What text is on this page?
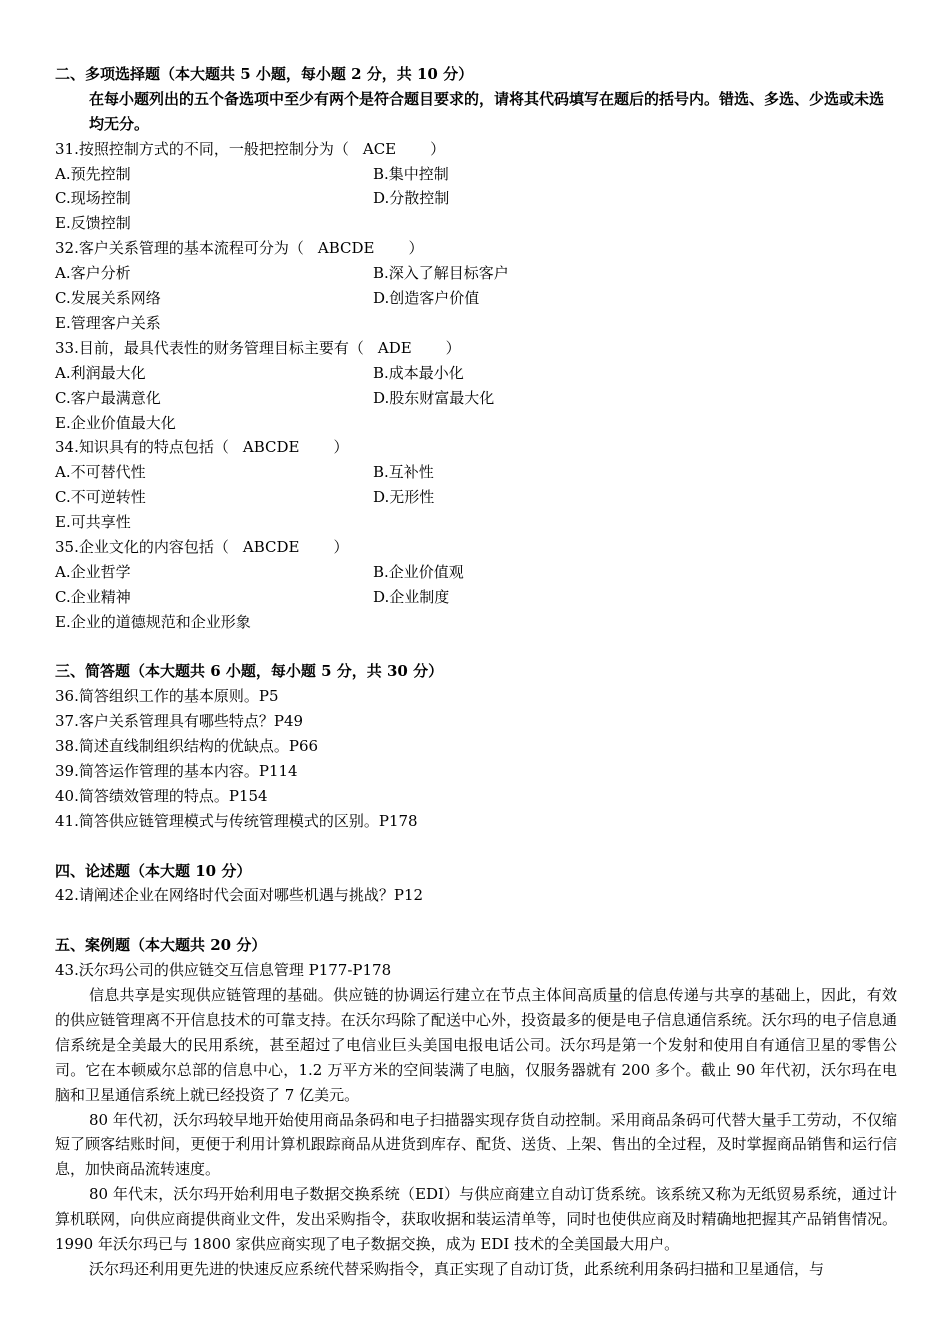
二、多项选择题（本大题共 5 小题，每小题 2 分，共 10 分）
在每小题列出的五个备选项中至少有两个是符合题目要求的，请将其代码填写在题后的括号内。错选、多选、少选或未选均无分。
31.按照控制方式的不同，一般把控制分为（ ACE ）
A.预先控制	B.集中控制
C.现场控制	D.分散控制
E.反馈控制
32.客户关系管理的基本流程可分为（ ABCDE ）
A.客户分析	B.深入了解目标客户
C.发展关系网络	D.创造客户价值
E.管理客户关系
33.目前，最具代表性的财务管理目标主要有（ ADE ）
A.利润最大化	B.成本最小化
C.客户最满意化	D.股东财富最大化
E.企业价值最大化
34.知识具有的特点包括（ ABCDE ）
A.不可替代性	B.互补性
C.不可逆转性	D.无形性
E.可共享性
35.企业文化的内容包括（ ABCDE ）
A.企业哲学	B.企业价值观
C.企业精神	D.企业制度
E.企业的道德规范和企业形象
三、简答题（本大题共 6 小题，每小题 5 分，共 30 分）
36.简答组织工作的基本原则。P5
37.客户关系管理具有哪些特点？P49
38.简述直线制组织结构的优缺点。P66
39.简答运作管理的基本内容。P114
40.简答绩效管理的特点。P154
41.简答供应链管理模式与传统管理模式的区别。P178
四、论述题（本大题 10 分）
42.请阐述企业在网络时代会面对哪些机遇与挑战？P12
五、案例题（本大题共 20 分）
43.沃尔玛公司的供应链交互信息管理 P177-P178
信息共享是实现供应链管理的基础。供应链的协调运行建立在节点主体间高质量的信息传递与共享的基础上，因此，有效的供应链管理离不开信息技术的可靠支持。在沃尔玛除了配送中心外，投资最多的便是电子信息通信系统。沃尔玛的电子信息通信系统是全美最大的民用系统，甚至超过了电信业巨头美国电报电话公司。沃尔玛是第一个发射和使用自有通信卫星的零售公司。它在本顿威尔总部的信息中心，1.2 万平方米的空间装满了电脑，仅服务器就有 200 多个。截止 90 年代初，沃尔玛在电脑和卫星通信系统上就已经投资了 7 亿美元。
80 年代初，沃尔玛较早地开始使用商品条码和电子扫描器实现存货自动控制。采用商品条码可代替大量手工劳动，不仅缩短了顾客结账时间，更便于利用计算机跟踪商品从进货到库存、配货、送货、上架、售出的全过程，及时掌握商品销售和运行信息，加快商品流转速度。
80 年代末，沃尔玛开始利用电子数据交换系统（EDI）与供应商建立自动订货系统。该系统又称为无纸贸易系统，通过计算机联网，向供应商提供商业文件，发出采购指令，获取收据和装运清单等，同时也使供应商及时精确地把握其产品销售情况。1990 年沃尔玛已与 1800 家供应商实现了电子数据交换，成为 EDI 技术的全美国最大用户。
沃尔玛还利用更先进的快速反应系统代替采购指令，真正实现了自动订货，此系统利用条码扫描和卫星通信，与
